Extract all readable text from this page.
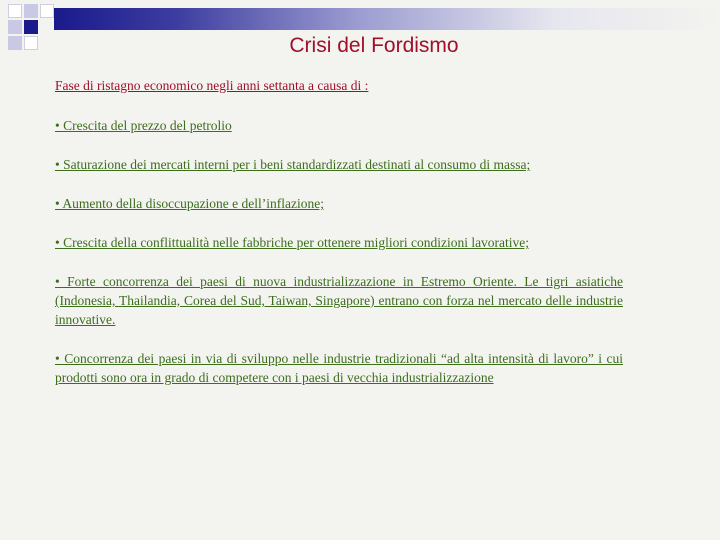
Crisi del Fordismo

Fase di ristagno economico negli anni settanta a causa di :

• Crescita del prezzo del petrolio

• Saturazione dei mercati interni per i beni standardizzati destinati al consumo di massa;

• Aumento della disoccupazione e dell’inflazione;

• Crescita della conflittualità nelle fabbriche per ottenere migliori condizioni lavorative;

• Forte concorrenza dei paesi di nuova industrializzazione in Estremo Oriente. Le tigri asiatiche (Indonesia, Thailandia, Corea del Sud, Taiwan, Singapore) entrano con forza nel mercato delle industrie innovative.

• Concorrenza dei paesi in via di sviluppo nelle industrie tradizionali “ad alta intensità di lavoro” i cui prodotti sono ora in grado di competere con i paesi di vecchia industrializzazione
